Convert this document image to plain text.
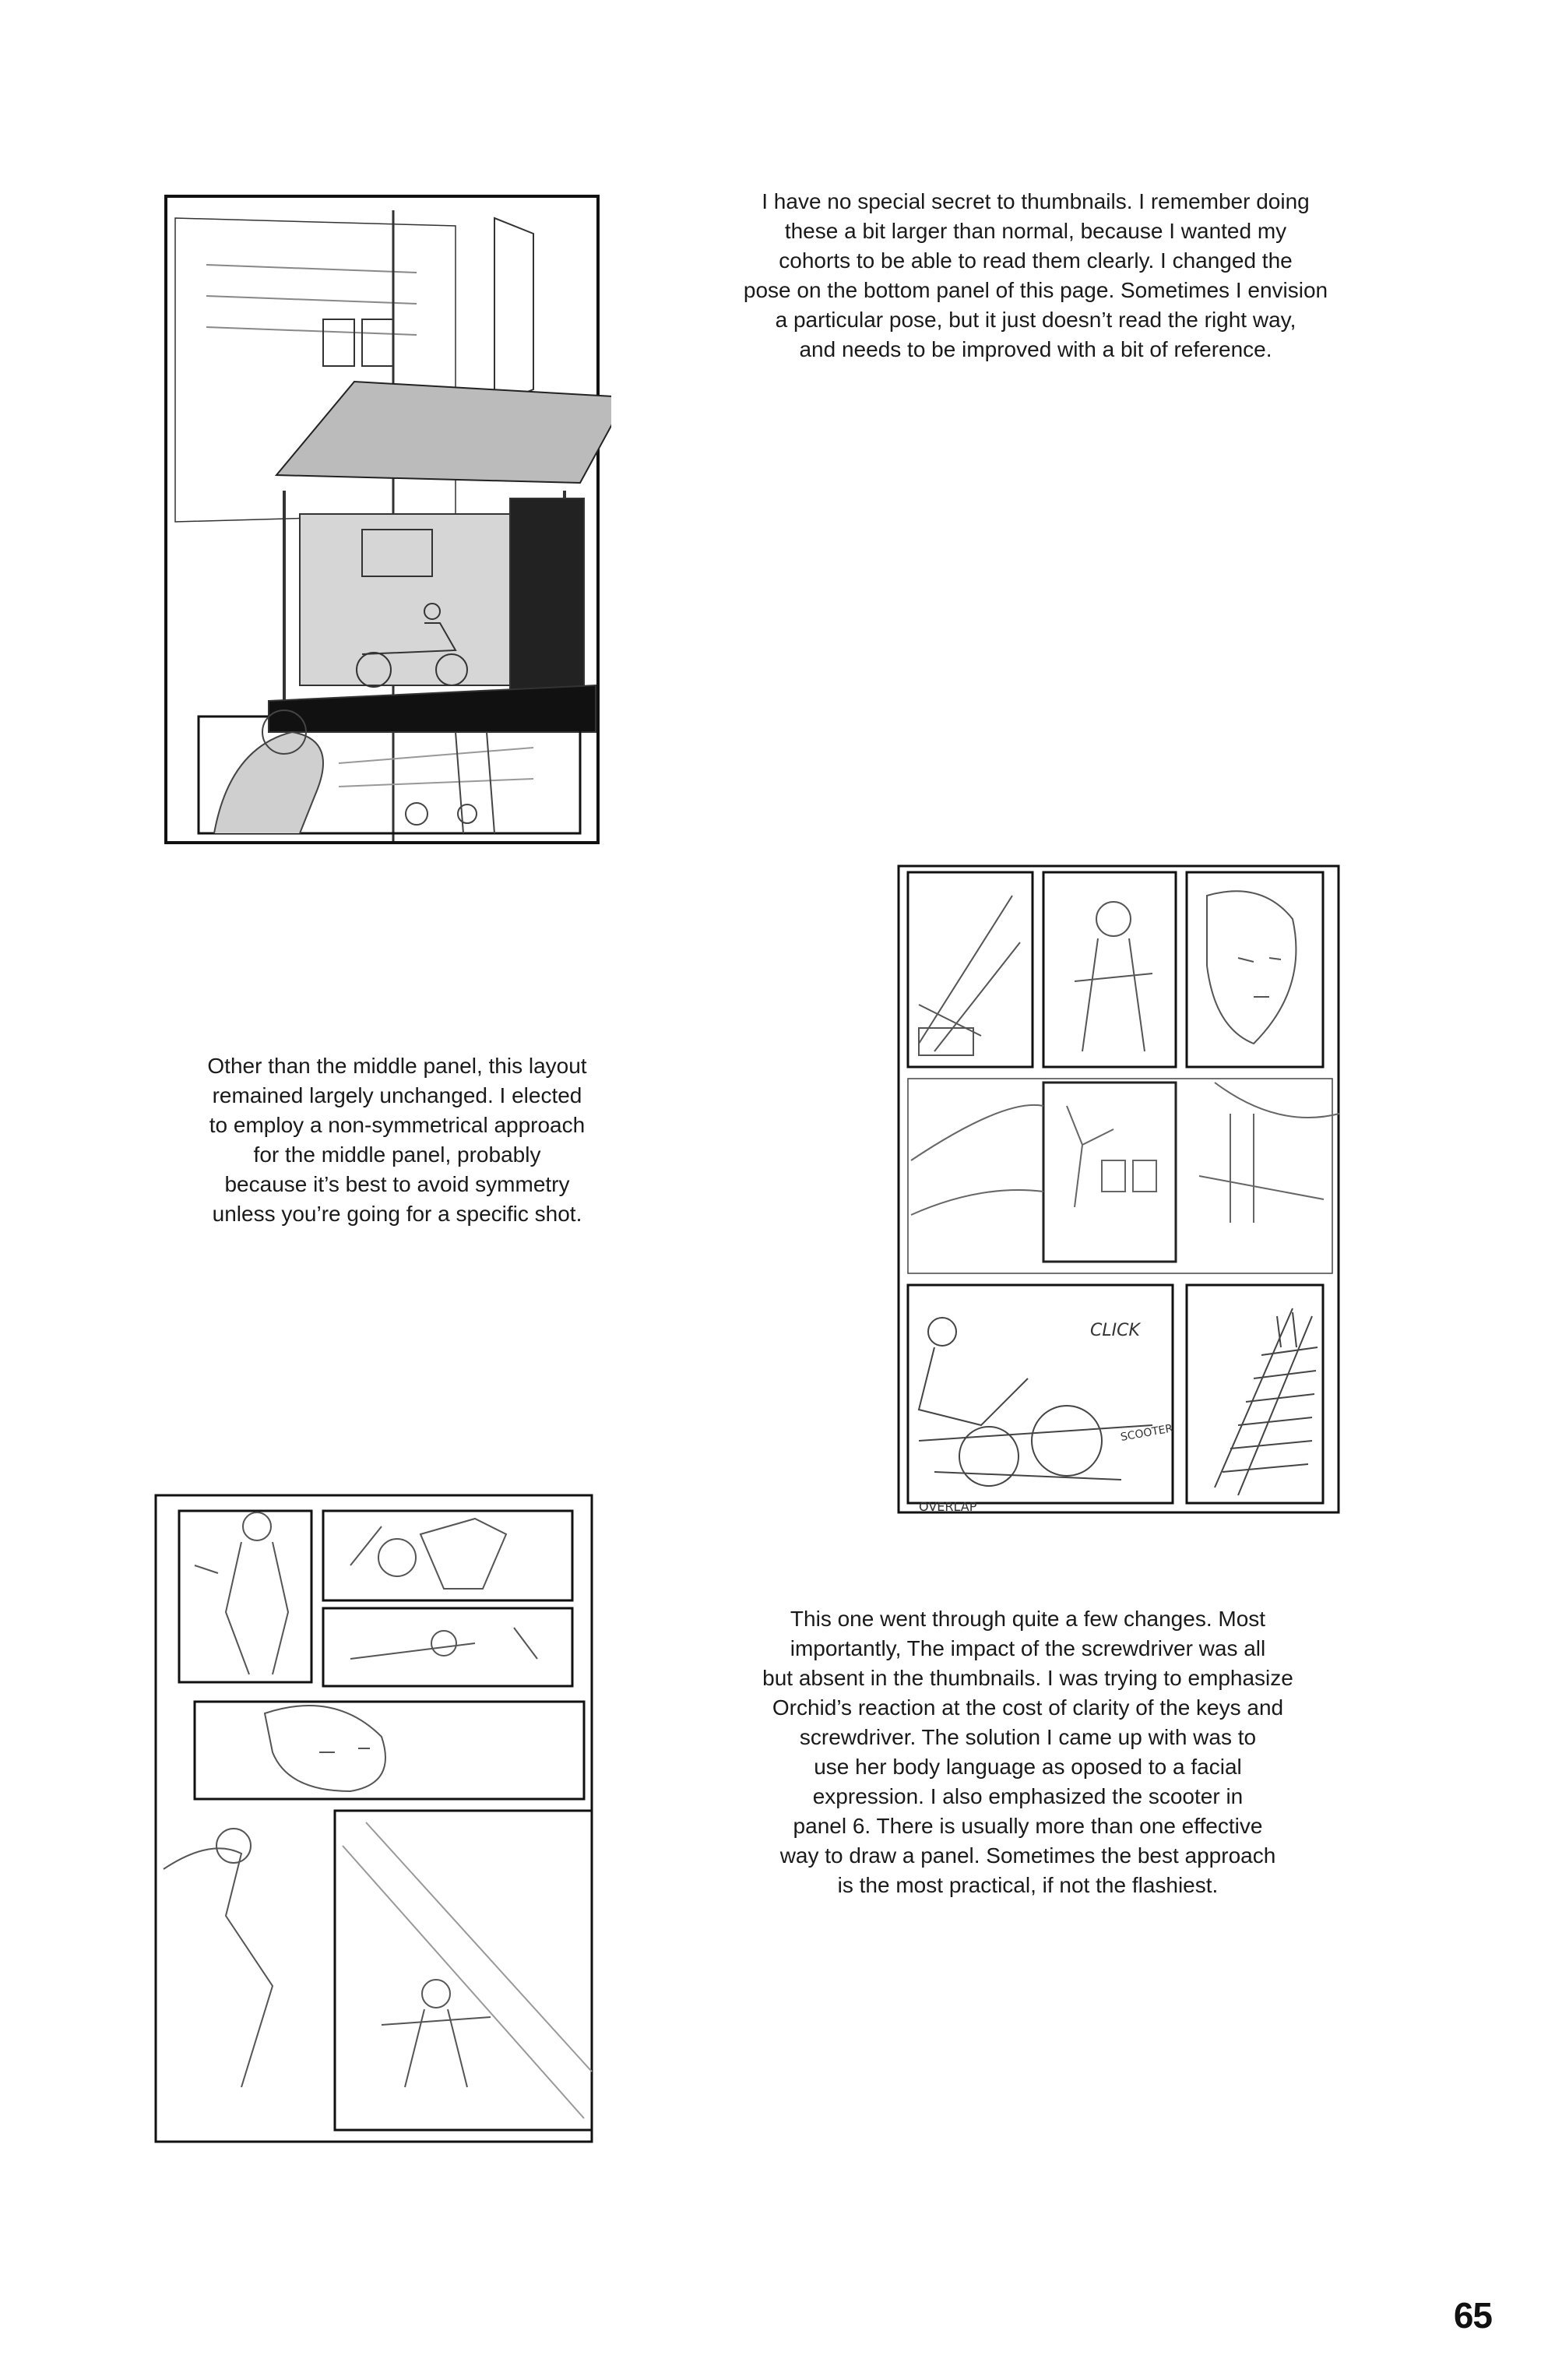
I have no special secret to thumbnails. I remember doing

these a bit larger than normal, because I wanted my

cohorts to be able to read them clearly. I changed the

pose on the bottom panel of this page. Sometimes I envision

a particular pose, but it just doesn’t read the right way,

and needs to be improved with a bit of reference.

Other than the middle panel, this layout

remained largely unchanged. I elected

to employ a non-symmetrical approach

for the middle panel, probably

because it’s best to avoid symmetry

unless you’re going for a specific shot.

CLICK
SCOOTER
OVERLAP

This one went through quite a few changes. Most

importantly, The impact of the screwdriver was all

but absent in the thumbnails. I was trying to emphasize

Orchid’s reaction at the cost of clarity of the keys and

screwdriver. The solution I came up with was to

use her body language as oposed to a facial

expression. I also emphasized the scooter in

panel 6. There is usually more than one effective

way to draw a panel. Sometimes the best approach

is the most practical, if not the flashiest.

65
